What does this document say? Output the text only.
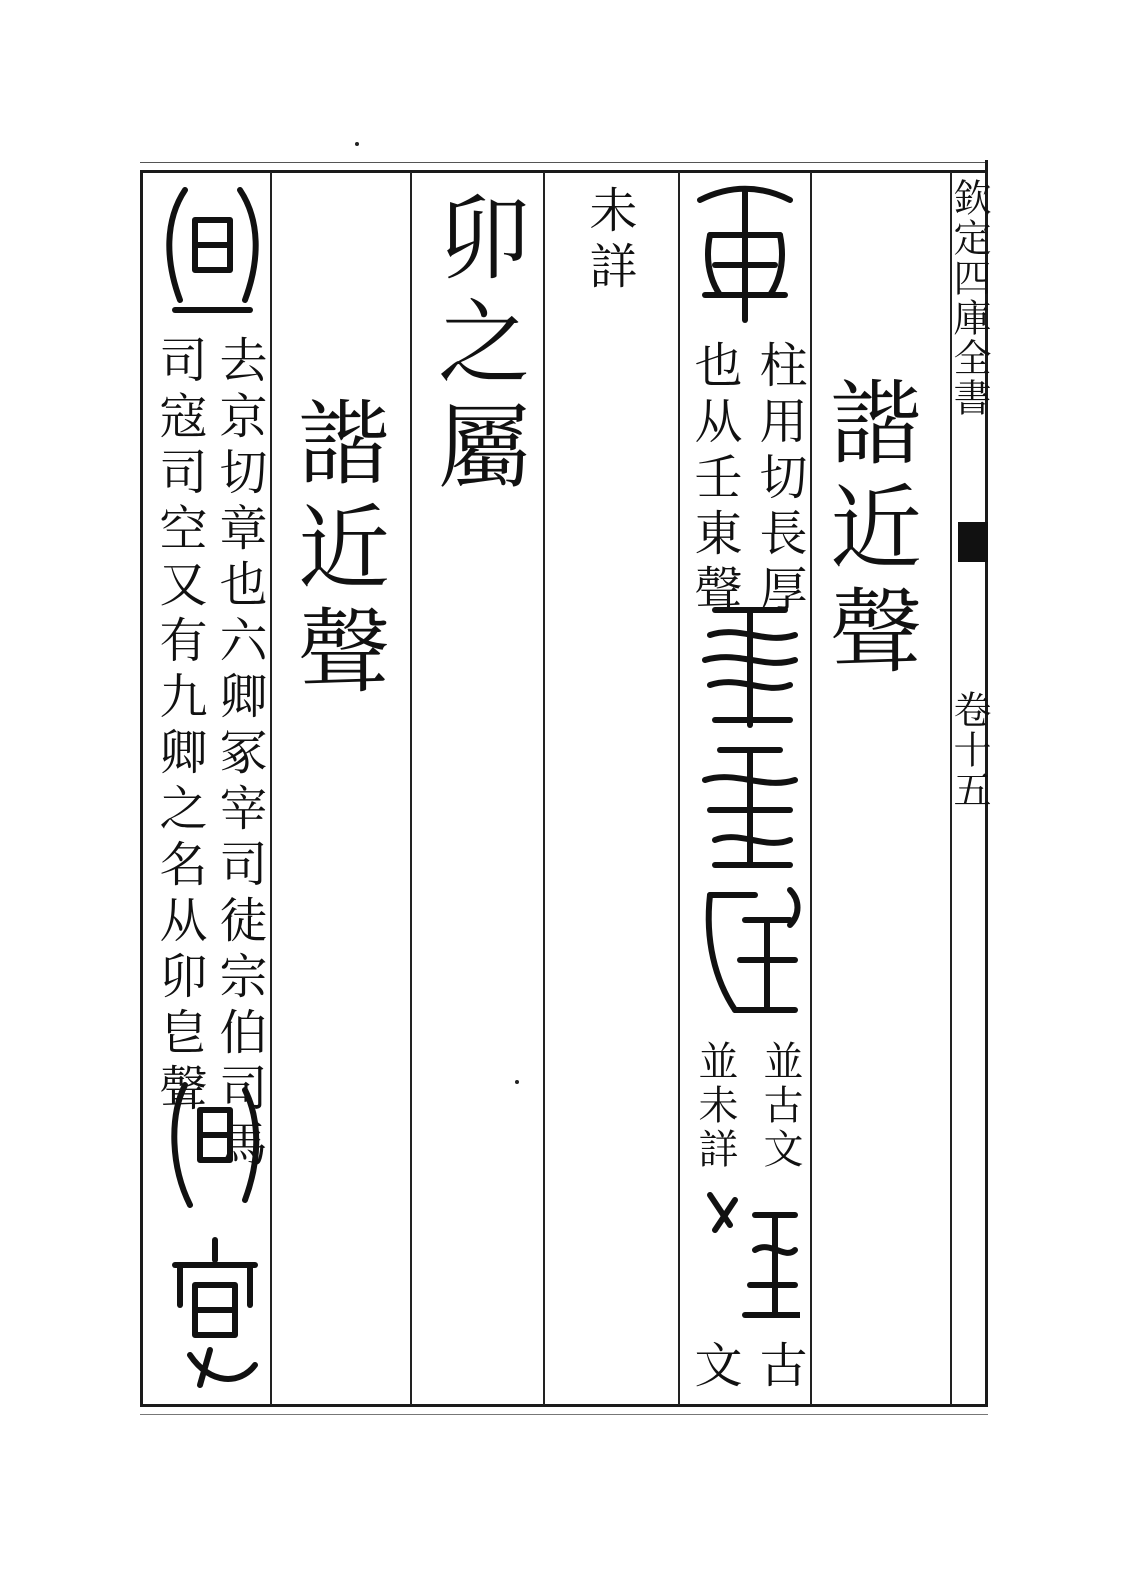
欽定四庫全書
卷十五
諧近聲
柱用切長厚
也从壬東聲
並古文
並未詳
古
文
未詳
卯之屬
諧近聲
去京切章也六卿冢宰司徒宗伯司馬
司寇司空又有九卿之名从卯皀聲
